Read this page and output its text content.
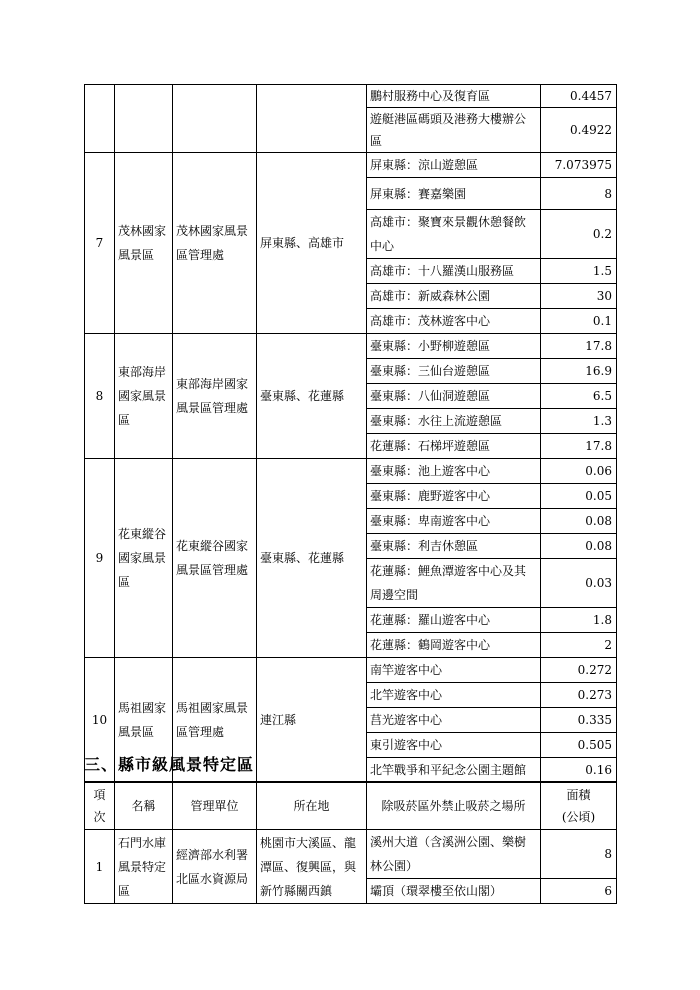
				鵬村服務中心及復育區	0.4457
				遊艇港區碼頭及港務大樓辦公區	0.4922
7	茂林國家風景區	茂林國家風景區管理處	屏東縣、高雄市	屏東縣：涼山遊憩區	7.073975
				屏東縣：賽嘉樂園	8
				高雄市：聚寶來景觀休憩餐飲中心	0.2
				高雄市：十八羅漢山服務區	1.5
				高雄市：新威森林公園	30
				高雄市：茂林遊客中心	0.1
8	東部海岸國家風景區	東部海岸國家風景區管理處	臺東縣、花蓮縣	臺東縣：小野柳遊憩區	17.8
				臺東縣：三仙台遊憩區	16.9
				臺東縣：八仙洞遊憩區	6.5
				臺東縣：水往上流遊憩區	1.3
				花蓮縣：石梯坪遊憩區	17.8
9	花東縱谷國家風景區	花東縱谷國家風景區管理處	臺東縣、花蓮縣	臺東縣：池上遊客中心	0.06
				臺東縣：鹿野遊客中心	0.05
				臺東縣：卑南遊客中心	0.08
				臺東縣：利吉休憩區	0.08
				花蓮縣：鯉魚潭遊客中心及其周邊空間	0.03
				花蓮縣：羅山遊客中心	1.8
				花蓮縣：鶴岡遊客中心	2
10	馬祖國家風景區	馬祖國家風景區管理處	連江縣	南竿遊客中心	0.272
				北竿遊客中心	0.273
				莒光遊客中心	0.335
				東引遊客中心	0.505
				北竿戰爭和平紀念公園主題館	0.16
三、縣市級風景特定區
項次	名稱	管理單位	所在地	除吸菸區外禁止吸菸之場所	面積
(公頃)
1	石門水庫風景特定區	經濟部水利署北區水資源局	桃園市大溪區、龍潭區、復興區，與新竹縣關西鎮	溪州大道（含溪洲公園、樂樹林公園）	8
				壩頂（環翠樓至依山閣）	6
